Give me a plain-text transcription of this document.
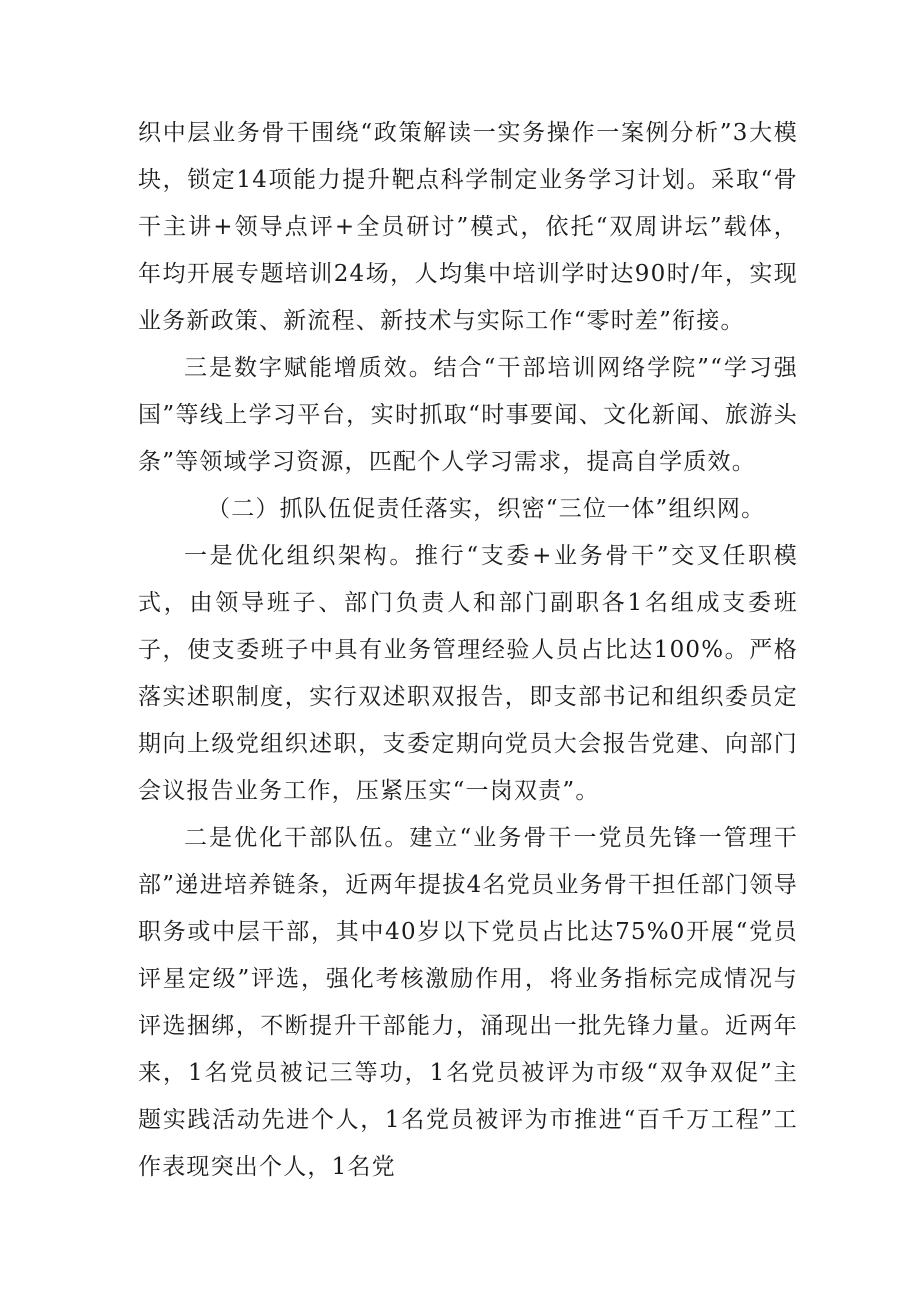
织中层业务骨干围绕“政策解读一实务操作一案例分析”3大模块，锁定14项能力提升靶点科学制定业务学习计划。采取“骨干主讲+领导点评+全员研讨”模式，依托“双周讲坛”载体，年均开展专题培训24场，人均集中培训学时达90时/年，实现业务新政策、新流程、新技术与实际工作“零时差”衔接。

三是数字赋能增质效。结合“干部培训网络学院”“学习强国”等线上学习平台，实时抓取“时事要闻、文化新闻、旅游头条”等领域学习资源，匹配个人学习需求，提高自学质效。

（二）抓队伍促责任落实，织密“三位一体”组织网。

一是优化组织架构。推行“支委+业务骨干”交叉任职模式，由领导班子、部门负责人和部门副职各1名组成支委班子，使支委班子中具有业务管理经验人员占比达100%。严格落实述职制度，实行双述职双报告，即支部书记和组织委员定期向上级党组织述职，支委定期向党员大会报告党建、向部门会议报告业务工作，压紧压实“一岗双责”。

二是优化干部队伍。建立“业务骨干一党员先锋一管理干部”递进培养链条，近两年提拔4名党员业务骨干担任部门领导职务或中层干部，其中40岁以下党员占比达75%0开展“党员评星定级”评选，强化考核激励作用，将业务指标完成情况与评选捆绑，不断提升干部能力，涌现出一批先锋力量。近两年来，1名党员被记三等功，1名党员被评为市级“双争双促”主题实践活动先进个人，1名党员被评为市推进“百千万工程”工作表现突出个人，1名党
